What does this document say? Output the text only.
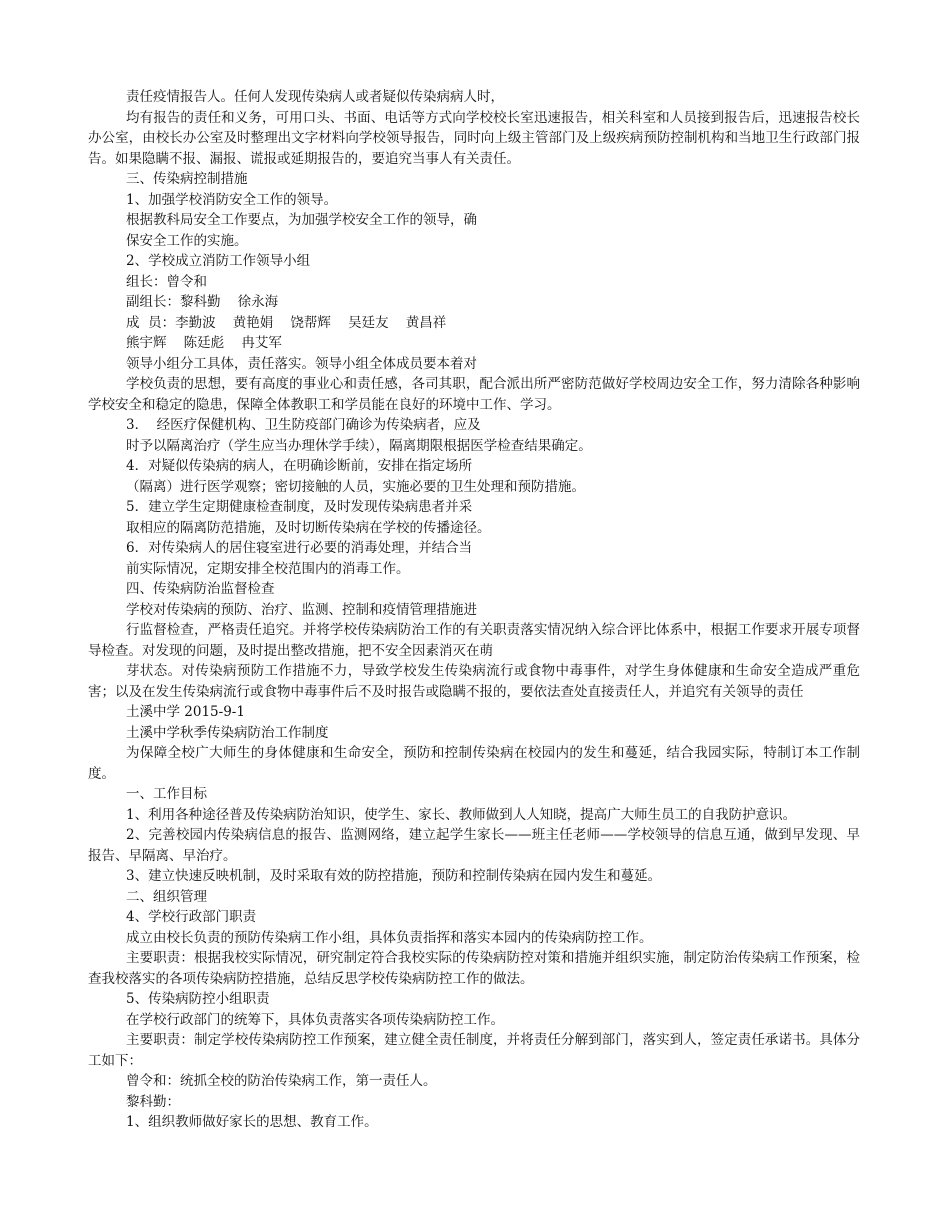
责任疫情报告人。任何人发现传染病人或者疑似传染病病人时，

均有报告的责任和义务，可用口头、书面、电话等方式向学校校长室迅速报告，相关科室和人员接到报告后，迅速报告校长办公室，由校长办公室及时整理出文字材料向学校领导报告，同时向上级主管部门及上级疾病预防控制机构和当地卫生行政部门报告。如果隐瞒不报、漏报、谎报或延期报告的，要追究当事人有关责任。

三、传染病控制措施

1、加强学校消防安全工作的领导。

根据教科局安全工作要点，为加强学校安全工作的领导，确

保安全工作的实施。

2、学校成立消防工作领导小组

组长：曾令和

副组长：黎科勤    徐永海

成  员：李勤波    黄艳娟    饶帮辉    吴廷友    黄昌祥

熊宇辉    陈廷彪    冉艾军

领导小组分工具体，责任落实。领导小组全体成员要本着对

学校负责的思想，要有高度的事业心和责任感，各司其职，配合派出所严密防范做好学校周边安全工作，努力清除各种影响学校安全和稳定的隐患，保障全体教职工和学员能在良好的环境中工作、学习。

3．  经医疗保健机构、卫生防疫部门确诊为传染病者，应及

时予以隔离治疗（学生应当办理休学手续），隔离期限根据医学检查结果确定。

4．对疑似传染病的病人，在明确诊断前，安排在指定场所

（隔离）进行医学观察；密切接触的人员，实施必要的卫生处理和预防措施。

5．建立学生定期健康检查制度，及时发现传染病患者并采

取相应的隔离防范措施，及时切断传染病在学校的传播途径。

6．对传染病人的居住寝室进行必要的消毒处理，并结合当

前实际情况，定期安排全校范围内的消毒工作。

四、传染病防治监督检查

学校对传染病的预防、治疗、监测、控制和疫情管理措施进

行监督检查，严格责任追究。并将学校传染病防治工作的有关职责落实情况纳入综合评比体系中，根据工作要求开展专项督导检查。对发现的问题，及时提出整改措施，把不安全因素消灭在萌

芽状态。对传染病预防工作措施不力，导致学校发生传染病流行或食物中毒事件，对学生身体健康和生命安全造成严重危害；以及在发生传染病流行或食物中毒事件后不及时报告或隐瞒不报的，要依法查处直接责任人，并追究有关领导的责任

土溪中学 2015-9-1

土溪中学秋季传染病防治工作制度

为保障全校广大师生的身体健康和生命安全，预防和控制传染病在校园内的发生和蔓延，结合我园实际，特制订本工作制度。

一、工作目标

1、利用各种途径普及传染病防治知识，使学生、家长、教师做到人人知晓，提高广大师生员工的自我防护意识。

2、完善校园内传染病信息的报告、监测网络，建立起学生家长——班主任老师——学校领导的信息互通，做到早发现、早报告、早隔离、早治疗。

3、建立快速反映机制，及时采取有效的防控措施，预防和控制传染病在园内发生和蔓延。

二、组织管理

4、学校行政部门职责

成立由校长负责的预防传染病工作小组，具体负责指挥和落实本园内的传染病防控工作。

主要职责：根据我校实际情况，研究制定符合我校实际的传染病防控对策和措施并组织实施，制定防治传染病工作预案，检查我校落实的各项传染病防控措施，总结反思学校传染病防控工作的做法。

5、传染病防控小组职责

在学校行政部门的统筹下，具体负责落实各项传染病防控工作。

主要职责：制定学校传染病防控工作预案，建立健全责任制度，并将责任分解到部门，落实到人，签定责任承诺书。具体分工如下：

曾令和：统抓全校的防治传染病工作，第一责任人。

黎科勤：

1、组织教师做好家长的思想、教育工作。
